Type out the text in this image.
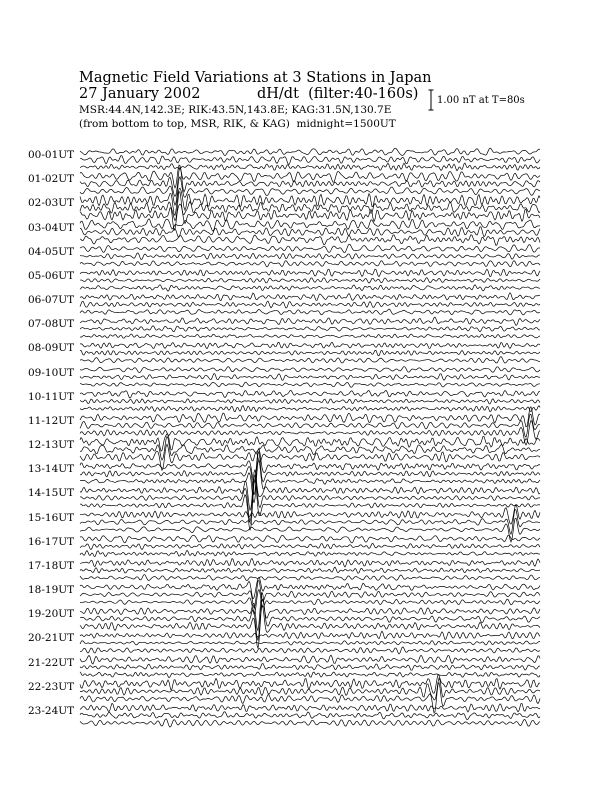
Magnetic Field Variations at 3 Stations in Japan
27 January 2002	dH/dt (filter:40-160s)
MSR:44.4N,142.3E; RIK:43.5N,143.8E; KAG:31.5N,130.7E
(from bottom to top, MSR, RIK, & KAG) midnight=1500UT
1.00 nT at T=80s
00-01UT
01-02UT
02-03UT
03-04UT
04-05UT
05-06UT
06-07UT
07-08UT
08-09UT
09-10UT
10-11UT
11-12UT
12-13UT
13-14UT
14-15UT
15-16UT
16-17UT
17-18UT
18-19UT
19-20UT
20-21UT
21-22UT
22-23UT
23-24UT
